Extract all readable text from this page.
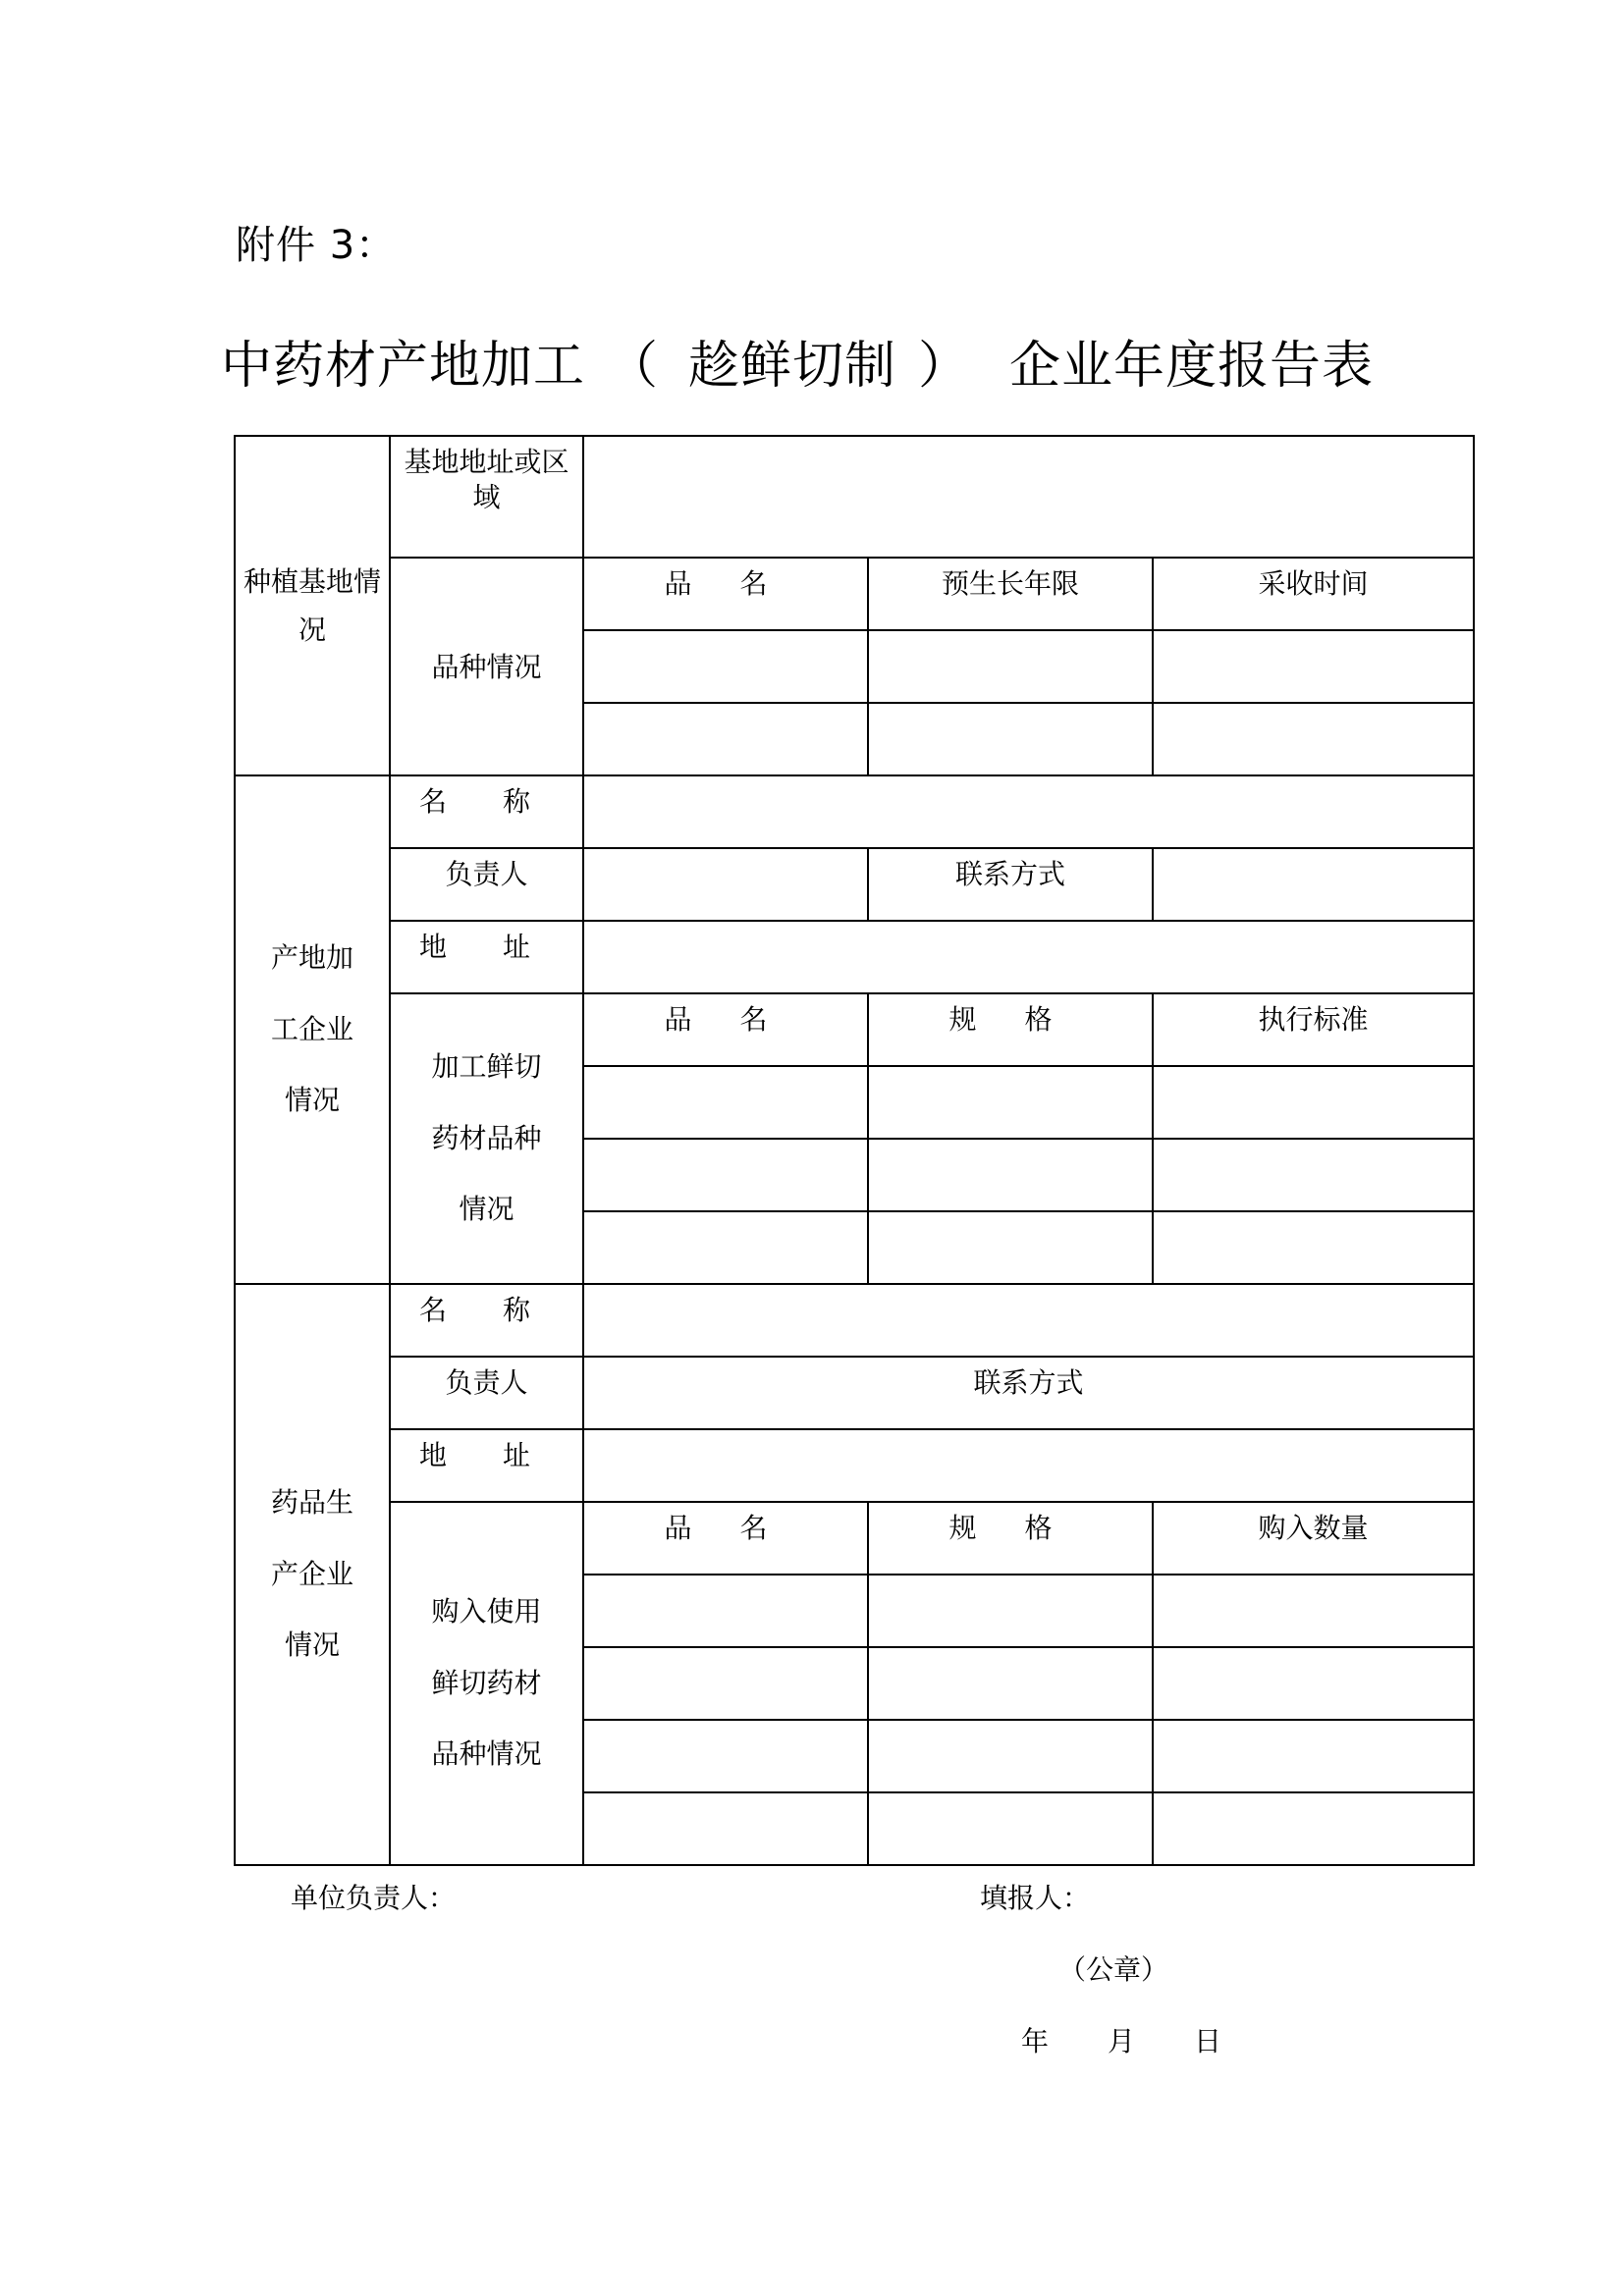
附件 3：
中药材产地加工 （ 趁鲜切制 ） 企业年度报告表
种植基地情况	基地地址或区域			
	品种情况	品 名	预生长年限	采收时间

产地加工企业情况	名 称			
	负责人		联系方式	
	地 址			
	加工鲜切药材品种情况	品 名	规 格	执行标准

药品生产企业情况	名 称			
	负责人	联系方式		
	地 址			
	购入使用鲜切药材品种情况	品 名	规 格	购入数量

单位负责人：	填报人：
（公章）
年 月 日
